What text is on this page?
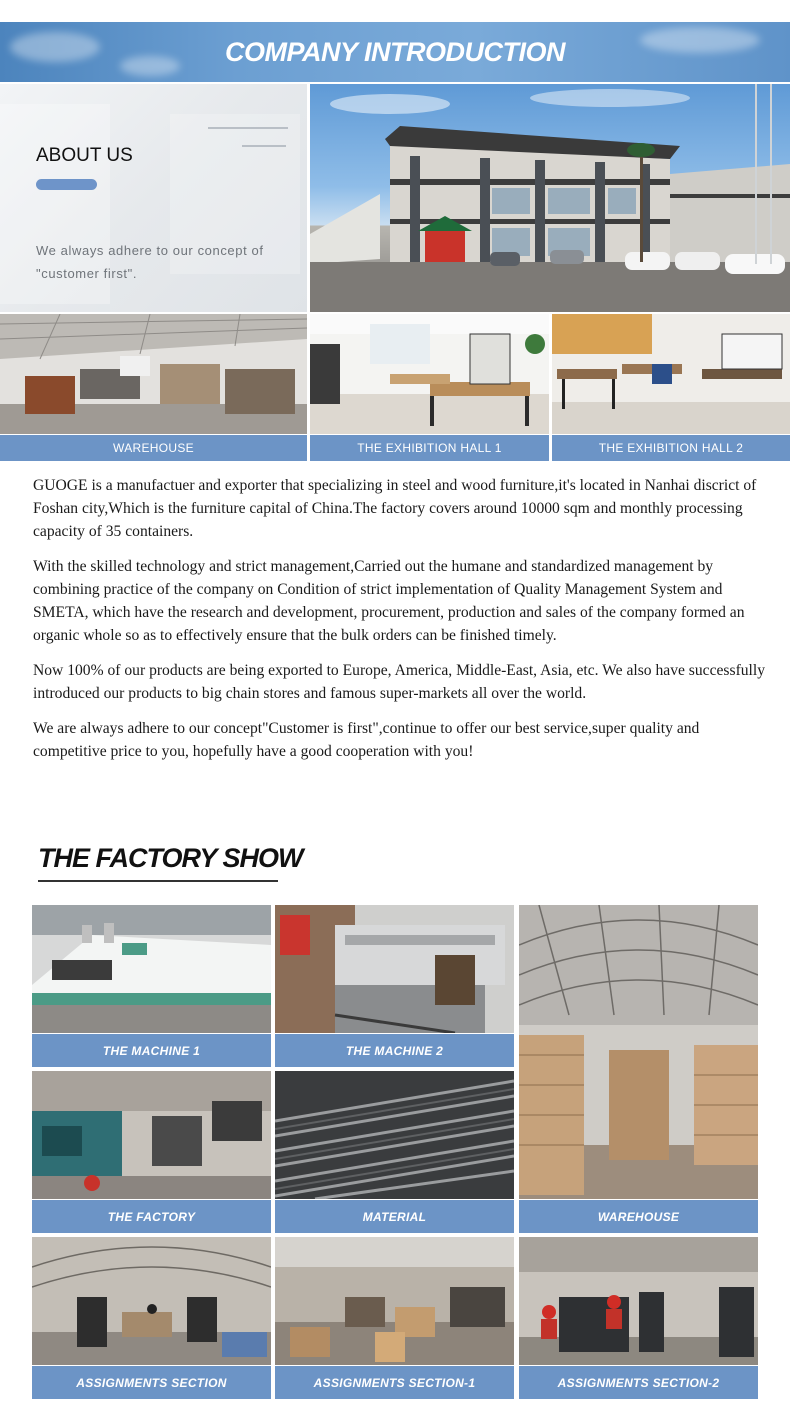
COMPANY INTRODUCTION
ABOUT US
We always adhere to our concept of "customer first".
WAREHOUSE	THE EXHIBITION HALL 1	THE EXHIBITION HALL 2

GUOGE is a manufactuer and exporter that specializing in steel and wood furniture,it's located in Nanhai discrict of Foshan city,Which is the furniture capital of China.The factory covers around 10000 sqm and monthly processing capacity of 35 containers.

With the skilled technology and strict management,Carried out the humane and standardized management by combining practice of the company on Condition of strict implementation of Quality Management System and SMETA, which have the research and development, procurement, production and sales of the company formed an organic whole so as to effectively ensure that the bulk orders can be finished timely.

Now 100% of our products are being exported to Europe, America, Middle-East, Asia, etc. We also have successfully introduced our products to big chain stores and famous super-markets all over the world.

We are always adhere to our concept"Customer is first",continue to offer our best service,super quality and competitive price to you, hopefully have a good cooperation with you!

THE FACTORY SHOW
THE MACHINE 1	THE MACHINE 2
WAREHOUSE
THE FACTORY	MATERIAL
ASSIGNMENTS SECTION	ASSIGNMENTS SECTION-1	ASSIGNMENTS SECTION-2
